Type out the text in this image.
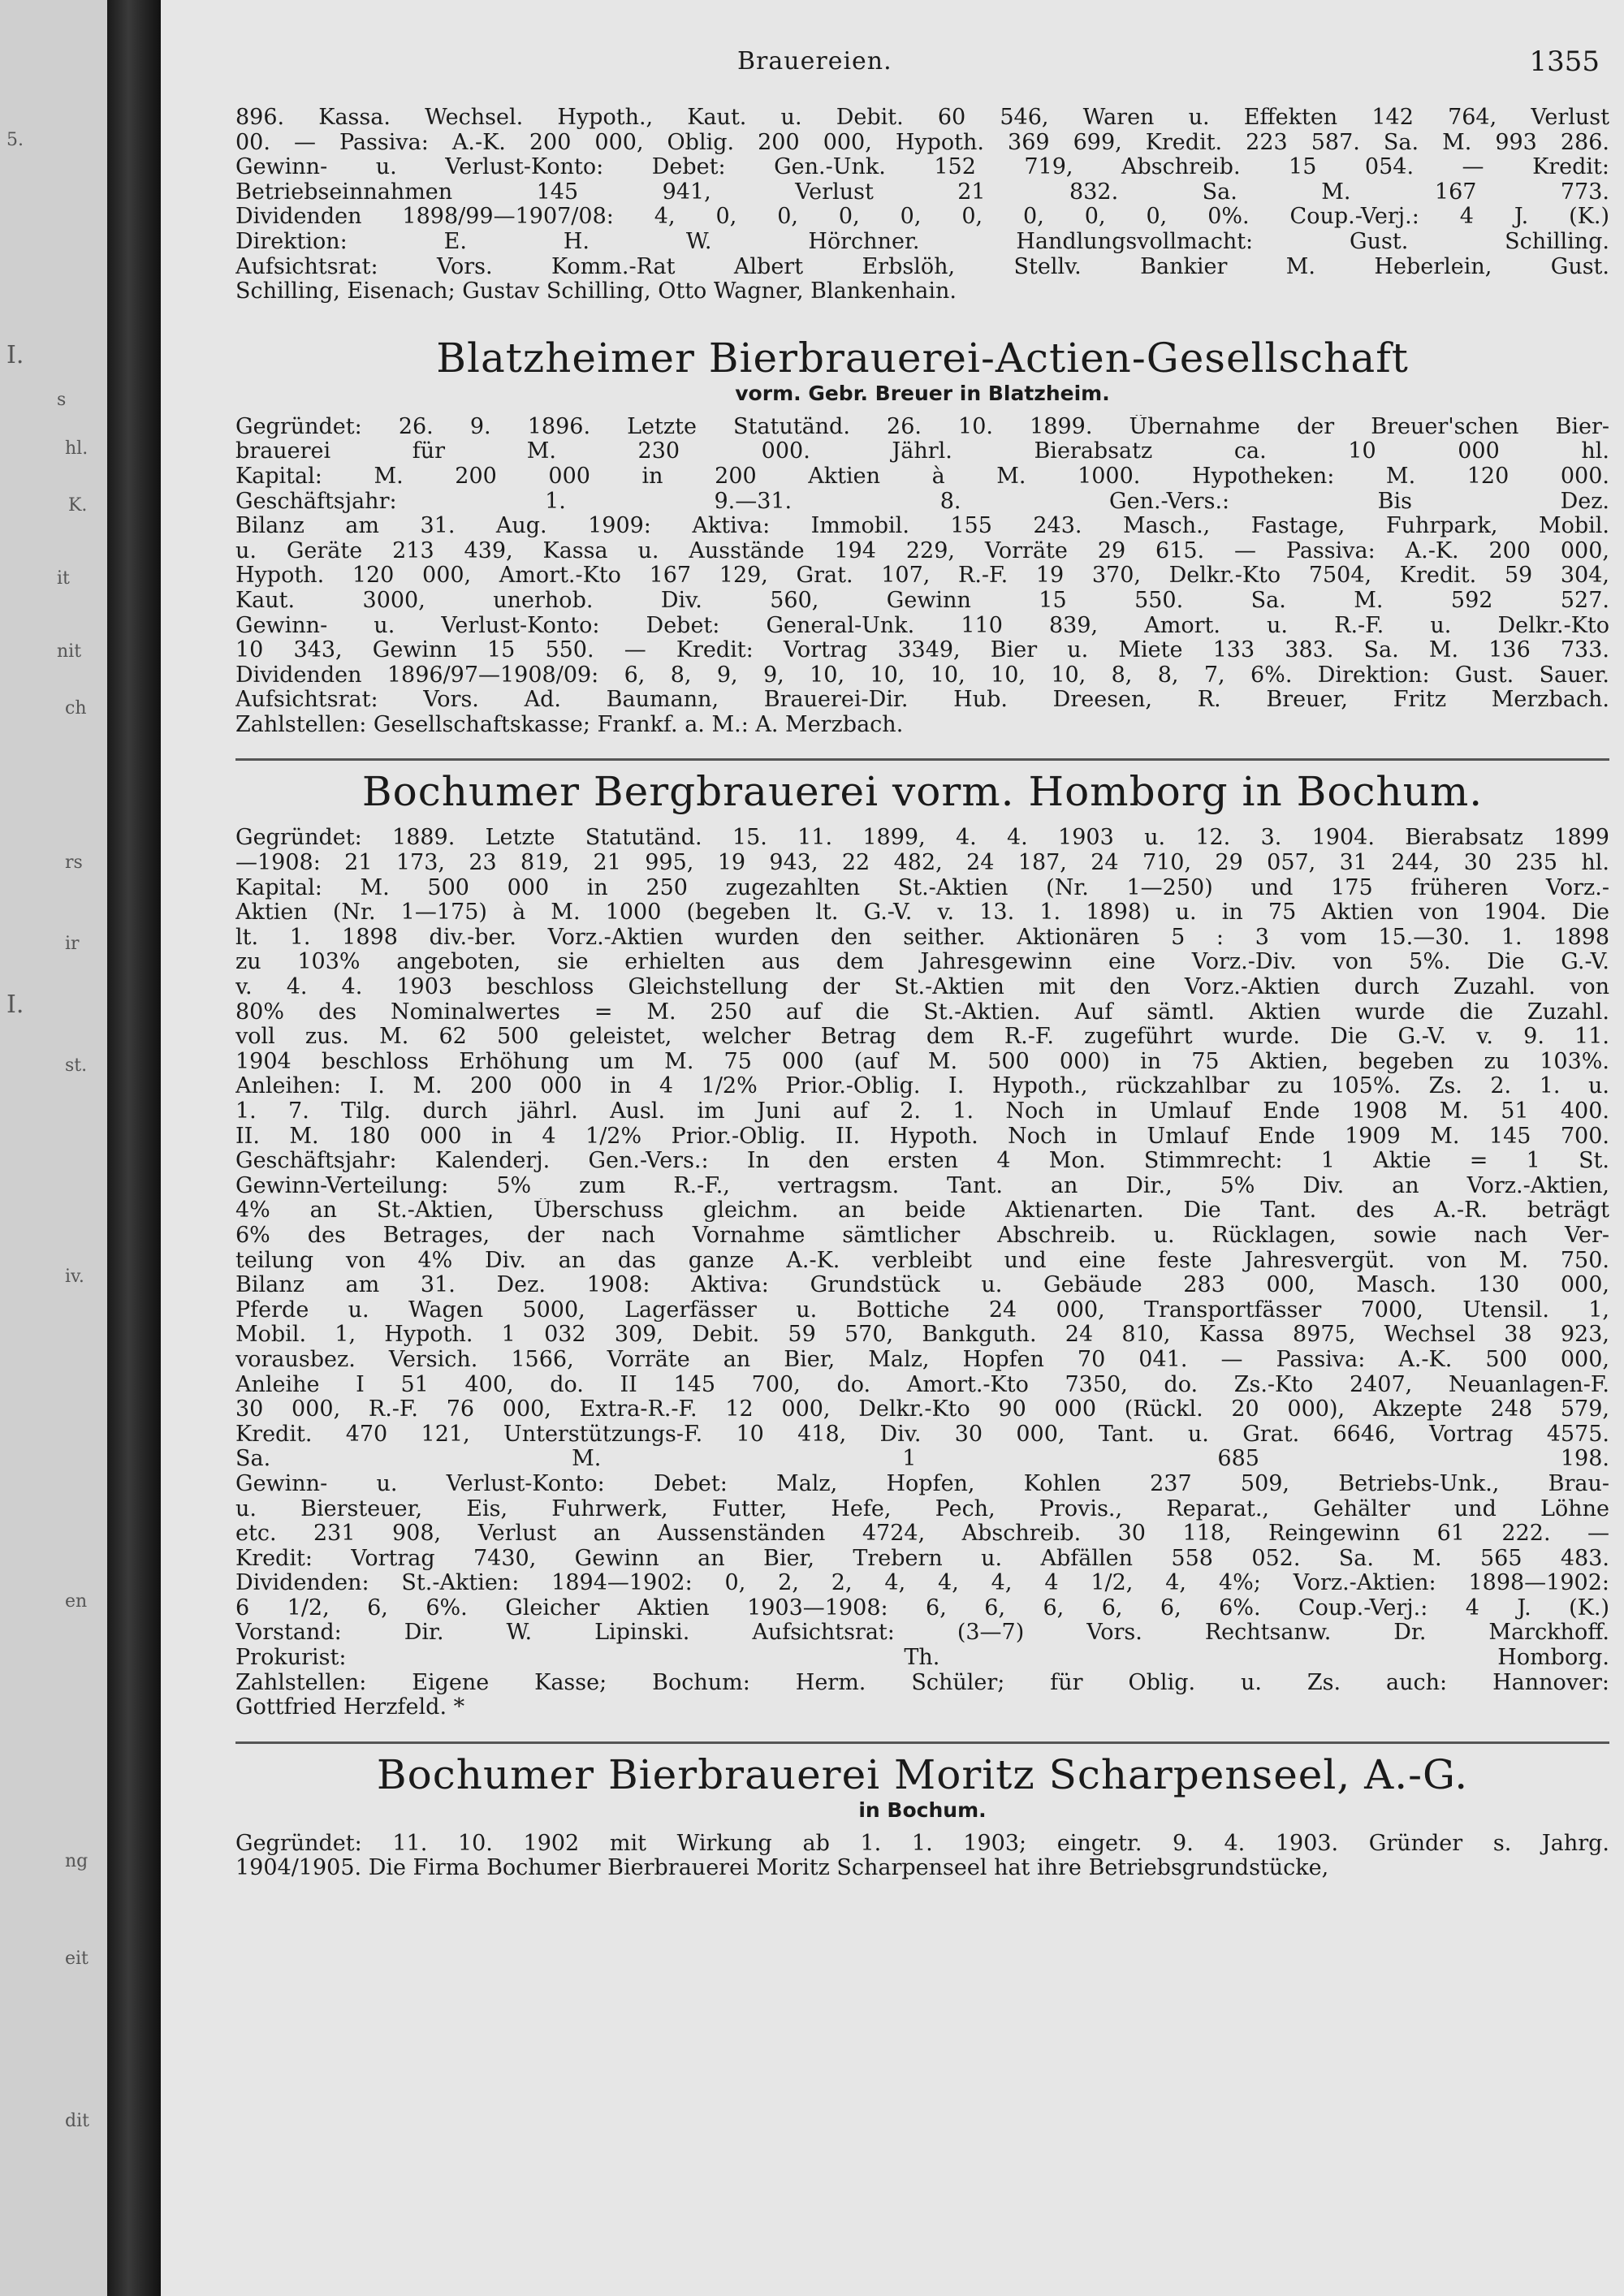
5.
I.
I.
s
it
hl.
K.
rs
nit
ch
ir
st.
iv.
en
ng
eit
dit
Brauereien.	1355
896. Kassa. Wechsel. Hypoth., Kaut. u. Debit. 60 546, Waren u. Effekten 142 764, Verlust
00. — Passiva: A.-K. 200 000, Oblig. 200 000, Hypoth. 369 699, Kredit. 223 587. Sa. M. 993 286.
Gewinn- u. Verlust-Konto: Debet: Gen.-Unk. 152 719, Abschreib. 15 054. — Kredit:
Betriebseinnahmen 145 941, Verlust 21 832. Sa. M. 167 773.
Dividenden 1898/99—1907/08: 4, 0, 0, 0, 0, 0, 0, 0, 0, 0%. Coup.-Verj.: 4 J. (K.)
Direktion: E. H. W. Hörchner. Handlungsvollmacht: Gust. Schilling.
Aufsichtsrat: Vors. Komm.-Rat Albert Erbslöh, Stellv. Bankier M. Heberlein, Gust.
Schilling, Eisenach; Gustav Schilling, Otto Wagner, Blankenhain.
Blatzheimer Bierbrauerei-Actien-Gesellschaft
vorm. Gebr. Breuer in Blatzheim.
Gegründet: 26. 9. 1896. Letzte Statutänd. 26. 10. 1899. Übernahme der Breuer'schen Bier-
brauerei für M. 230 000. Jährl. Bierabsatz ca. 10 000 hl.
Kapital: M. 200 000 in 200 Aktien à M. 1000. Hypotheken: M. 120 000.
Geschäftsjahr: 1. 9.—31. 8. Gen.-Vers.: Bis Dez.
Bilanz am 31. Aug. 1909: Aktiva: Immobil. 155 243. Masch., Fastage, Fuhrpark, Mobil.
u. Geräte 213 439, Kassa u. Ausstände 194 229, Vorräte 29 615. — Passiva: A.-K. 200 000,
Hypoth. 120 000, Amort.-Kto 167 129, Grat. 107, R.-F. 19 370, Delkr.-Kto 7504, Kredit. 59 304,
Kaut. 3000, unerhob. Div. 560, Gewinn 15 550. Sa. M. 592 527.
Gewinn- u. Verlust-Konto: Debet: General-Unk. 110 839, Amort. u. R.-F. u. Delkr.-Kto
10 343, Gewinn 15 550. — Kredit: Vortrag 3349, Bier u. Miete 133 383. Sa. M. 136 733.
Dividenden 1896/97—1908/09: 6, 8, 9, 9, 10, 10, 10, 10, 10, 8, 8, 7, 6%. Direktion: Gust. Sauer.
Aufsichtsrat: Vors. Ad. Baumann, Brauerei-Dir. Hub. Dreesen, R. Breuer, Fritz Merzbach.
Zahlstellen: Gesellschaftskasse; Frankf. a. M.: A. Merzbach.
Bochumer Bergbrauerei vorm. Homborg in Bochum.
Gegründet: 1889. Letzte Statutänd. 15. 11. 1899, 4. 4. 1903 u. 12. 3. 1904. Bierabsatz 1899
—1908: 21 173, 23 819, 21 995, 19 943, 22 482, 24 187, 24 710, 29 057, 31 244, 30 235 hl.
Kapital: M. 500 000 in 250 zugezahlten St.-Aktien (Nr. 1—250) und 175 früheren Vorz.-
Aktien (Nr. 1—175) à M. 1000 (begeben lt. G.-V. v. 13. 1. 1898) u. in 75 Aktien von 1904. Die
lt. 1. 1898 div.-ber. Vorz.-Aktien wurden den seither. Aktionären 5 : 3 vom 15.—30. 1. 1898
zu 103% angeboten, sie erhielten aus dem Jahresgewinn eine Vorz.-Div. von 5%. Die G.-V.
v. 4. 4. 1903 beschloss Gleichstellung der St.-Aktien mit den Vorz.-Aktien durch Zuzahl. von
80% des Nominalwertes = M. 250 auf die St.-Aktien. Auf sämtl. Aktien wurde die Zuzahl.
voll zus. M. 62 500 geleistet, welcher Betrag dem R.-F. zugeführt wurde. Die G.-V. v. 9. 11.
1904 beschloss Erhöhung um M. 75 000 (auf M. 500 000) in 75 Aktien, begeben zu 103%.
Anleihen: I. M. 200 000 in 4 1/2% Prior.-Oblig. I. Hypoth., rückzahlbar zu 105%. Zs. 2. 1. u.
1. 7. Tilg. durch jährl. Ausl. im Juni auf 2. 1. Noch in Umlauf Ende 1908 M. 51 400.
II. M. 180 000 in 4 1/2% Prior.-Oblig. II. Hypoth. Noch in Umlauf Ende 1909 M. 145 700.
Geschäftsjahr: Kalenderj. Gen.-Vers.: In den ersten 4 Mon. Stimmrecht: 1 Aktie = 1 St.
Gewinn-Verteilung: 5% zum R.-F., vertragsm. Tant. an Dir., 5% Div. an Vorz.-Aktien,
4% an St.-Aktien, Überschuss gleichm. an beide Aktienarten. Die Tant. des A.-R. beträgt
6% des Betrages, der nach Vornahme sämtlicher Abschreib. u. Rücklagen, sowie nach Ver-
teilung von 4% Div. an das ganze A.-K. verbleibt und eine feste Jahresvergüt. von M. 750.
Bilanz am 31. Dez. 1908: Aktiva: Grundstück u. Gebäude 283 000, Masch. 130 000,
Pferde u. Wagen 5000, Lagerfässer u. Bottiche 24 000, Transportfässer 7000, Utensil. 1,
Mobil. 1, Hypoth. 1 032 309, Debit. 59 570, Bankguth. 24 810, Kassa 8975, Wechsel 38 923,
vorausbez. Versich. 1566, Vorräte an Bier, Malz, Hopfen 70 041. — Passiva: A.-K. 500 000,
Anleihe I 51 400, do. II 145 700, do. Amort.-Kto 7350, do. Zs.-Kto 2407, Neuanlagen-F.
30 000, R.-F. 76 000, Extra-R.-F. 12 000, Delkr.-Kto 90 000 (Rückl. 20 000), Akzepte 248 579,
Kredit. 470 121, Unterstützungs-F. 10 418, Div. 30 000, Tant. u. Grat. 6646, Vortrag 4575.
Sa. M. 1 685 198.
Gewinn- u. Verlust-Konto: Debet: Malz, Hopfen, Kohlen 237 509, Betriebs-Unk., Brau-
u. Biersteuer, Eis, Fuhrwerk, Futter, Hefe, Pech, Provis., Reparat., Gehälter und Löhne
etc. 231 908, Verlust an Aussenständen 4724, Abschreib. 30 118, Reingewinn 61 222. —
Kredit: Vortrag 7430, Gewinn an Bier, Trebern u. Abfällen 558 052. Sa. M. 565 483.
Dividenden: St.-Aktien: 1894—1902: 0, 2, 2, 4, 4, 4, 4 1/2, 4, 4%; Vorz.-Aktien: 1898—1902:
6 1/2, 6, 6%. Gleicher Aktien 1903—1908: 6, 6, 6, 6, 6, 6%. Coup.-Verj.: 4 J. (K.)
Vorstand: Dir. W. Lipinski. Aufsichtsrat: (3—7) Vors. Rechtsanw. Dr. Marckhoff.
Prokurist: Th. Homborg.
Zahlstellen: Eigene Kasse; Bochum: Herm. Schüler; für Oblig. u. Zs. auch: Hannover:
Gottfried Herzfeld. *
Bochumer Bierbrauerei Moritz Scharpenseel, A.-G.
in Bochum.
Gegründet: 11. 10. 1902 mit Wirkung ab 1. 1. 1903; eingetr. 9. 4. 1903. Gründer s. Jahrg.
1904/1905. Die Firma Bochumer Bierbrauerei Moritz Scharpenseel hat ihre Betriebsgrundstücke,
